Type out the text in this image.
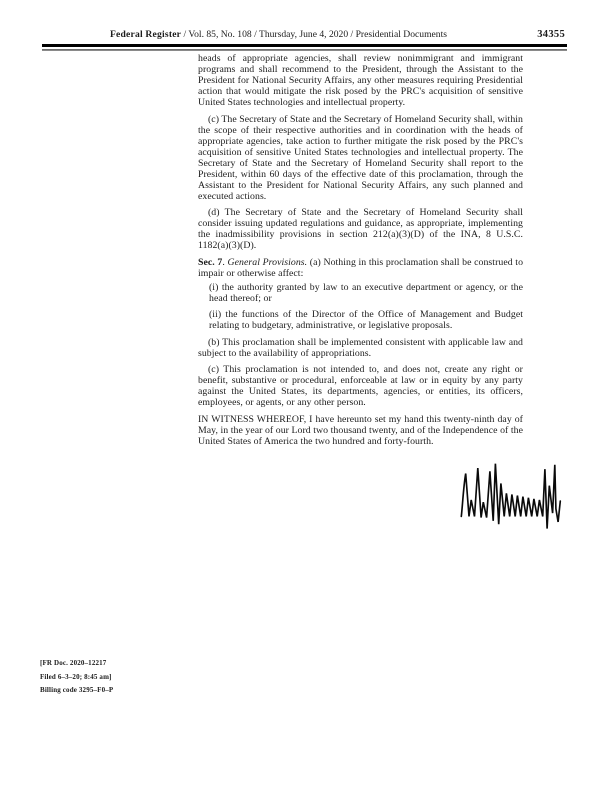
Federal Register / Vol. 85, No. 108 / Thursday, June 4, 2020 / Presidential Documents	34355
heads of appropriate agencies, shall review nonimmigrant and immigrant programs and shall recommend to the President, through the Assistant to the President for National Security Affairs, any other measures requiring Presidential action that would mitigate the risk posed by the PRC's acquisition of sensitive United States technologies and intellectual property.
(c) The Secretary of State and the Secretary of Homeland Security shall, within the scope of their respective authorities and in coordination with the heads of appropriate agencies, take action to further mitigate the risk posed by the PRC's acquisition of sensitive United States technologies and intellectual property. The Secretary of State and the Secretary of Homeland Security shall report to the President, within 60 days of the effective date of this proclamation, through the Assistant to the President for National Security Affairs, any such planned and executed actions.
(d) The Secretary of State and the Secretary of Homeland Security shall consider issuing updated regulations and guidance, as appropriate, implementing the inadmissibility provisions in section 212(a)(3)(D) of the INA, 8 U.S.C. 1182(a)(3)(D).
Sec. 7. General Provisions. (a) Nothing in this proclamation shall be construed to impair or otherwise affect:
(i) the authority granted by law to an executive department or agency, or the head thereof; or
(ii) the functions of the Director of the Office of Management and Budget relating to budgetary, administrative, or legislative proposals.
(b) This proclamation shall be implemented consistent with applicable law and subject to the availability of appropriations.
(c) This proclamation is not intended to, and does not, create any right or benefit, substantive or procedural, enforceable at law or in equity by any party against the United States, its departments, agencies, or entities, its officers, employees, or agents, or any other person.
IN WITNESS WHEREOF, I have hereunto set my hand this twenty-ninth day of May, in the year of our Lord two thousand twenty, and of the Independence of the United States of America the two hundred and forty-fourth.
[FR Doc. 2020–12217
Filed 6–3–20; 8:45 am]
Billing code 3295–F0–P
